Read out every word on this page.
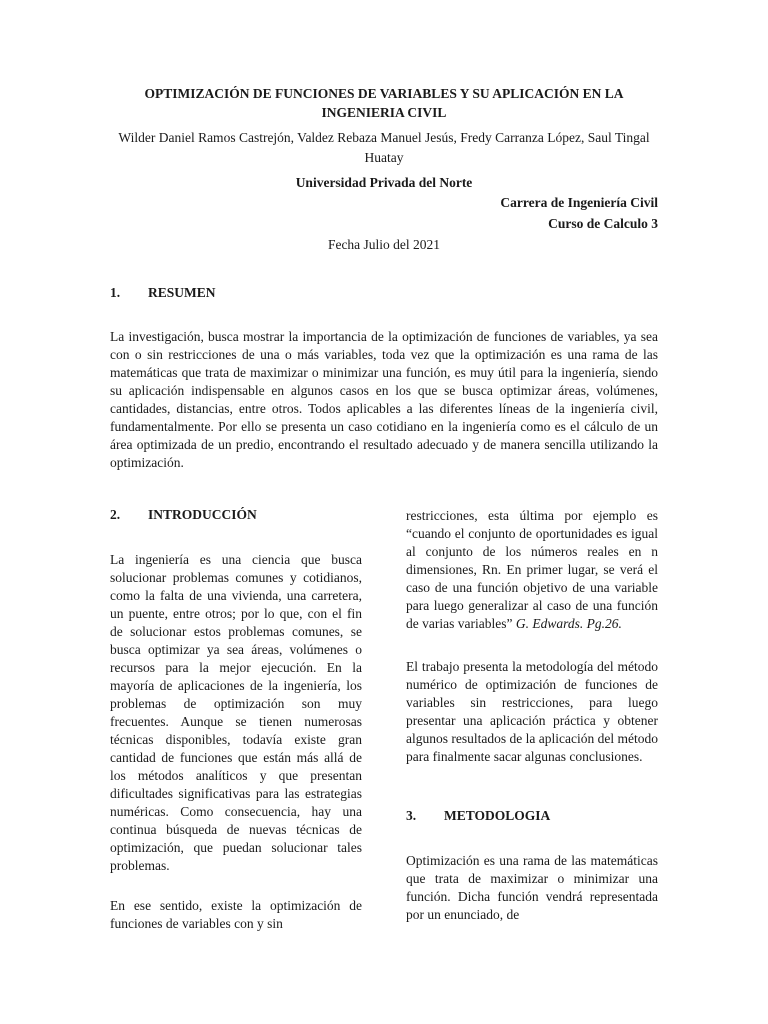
OPTIMIZACIÓN DE FUNCIONES DE VARIABLES Y SU APLICACIÓN EN LA INGENIERIA CIVIL
Wilder Daniel Ramos Castrejón, Valdez Rebaza Manuel Jesús, Fredy Carranza López, Saul Tingal Huatay
Universidad Privada del Norte
Carrera de Ingeniería Civil
Curso de Calculo 3
Fecha Julio del 2021
1. RESUMEN

La investigación, busca mostrar la importancia de la optimización de funciones de variables, ya sea con o sin restricciones de una o más variables, toda vez que la optimización es una rama de las matemáticas que trata de maximizar o minimizar una función, es muy útil para la ingeniería, siendo su aplicación indispensable en algunos casos en los que se busca optimizar áreas, volúmenes, cantidades, distancias, entre otros. Todos aplicables a las diferentes líneas de la ingeniería civil, fundamentalmente. Por ello se presenta un caso cotidiano en la ingeniería como es el cálculo de un área optimizada de un predio, encontrando el resultado adecuado y de manera sencilla utilizando la optimización.

2. INTRODUCCIÓN

La ingeniería es una ciencia que busca solucionar problemas comunes y cotidianos, como la falta de una vivienda, una carretera, un puente, entre otros; por lo que, con el fin de solucionar estos problemas comunes, se busca optimizar ya sea áreas, volúmenes o recursos para la mejor ejecución. En la mayoría de aplicaciones de la ingeniería, los problemas de optimización son muy frecuentes. Aunque se tienen numerosas técnicas disponibles, todavía existe gran cantidad de funciones que están más allá de los métodos analíticos y que presentan dificultades significativas para las estrategias numéricas. Como consecuencia, hay una continua búsqueda de nuevas técnicas de optimización, que puedan solucionar tales problemas.

En ese sentido, existe la optimización de funciones de variables con y sin

restricciones, esta última por ejemplo es “cuando el conjunto de oportunidades es igual al conjunto de los números reales en n dimensiones, Rn. En primer lugar, se verá el caso de una función objetivo de una variable para luego generalizar al caso de una función de varias variables” G. Edwards. Pg.26.

El trabajo presenta la metodología del método numérico de optimización de funciones de variables sin restricciones, para luego presentar una aplicación práctica y obtener algunos resultados de la aplicación del método para finalmente sacar algunas conclusiones.

3. METODOLOGIA

Optimización es una rama de las matemáticas que trata de maximizar o minimizar una función. Dicha función vendrá representada por un enunciado, de
